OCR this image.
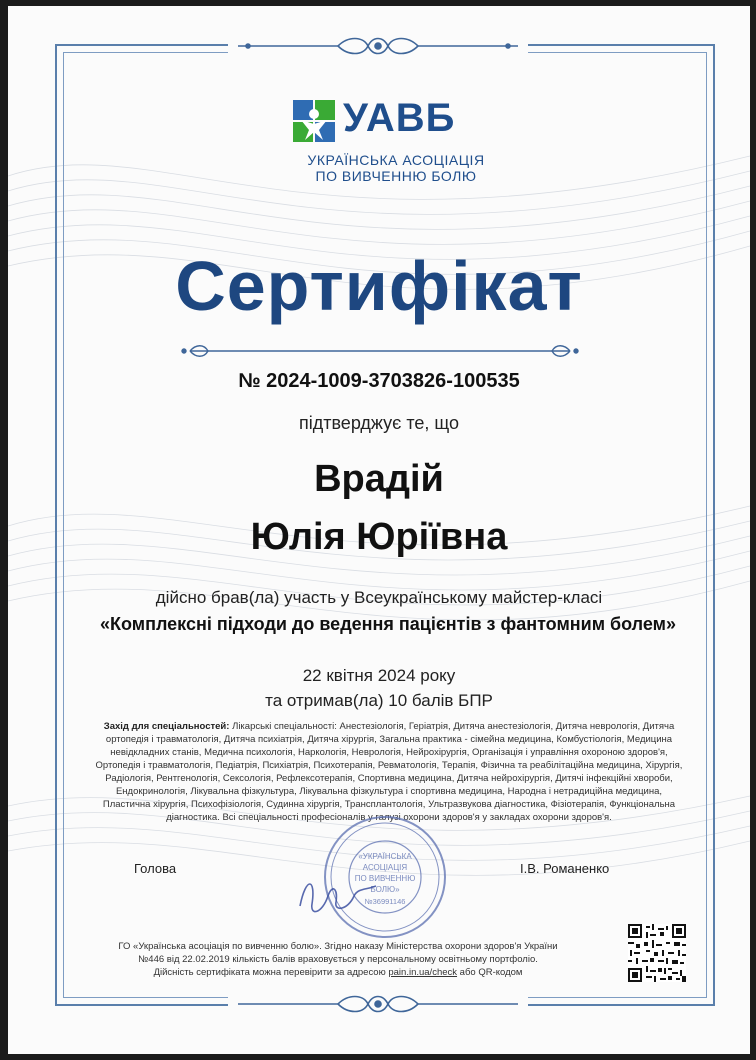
УАВБ
УКРАЇНСЬКА АСОЦІАЦІЯ
ПО ВИВЧЕННЮ БОЛЮ
Сертифікат
№ 2024-1009-3703826-100535
підтверджує те, що
Врадій
Юлія Юріївна
дійсно брав(ла) участь у Всеукраїнському майстер-класі
«Комплексні підходи до ведення пацієнтів з фантомним болем»
22 квітня 2024 року
та отримав(ла) 10 балів БПР
Захід для спеціальностей: Лікарські спеціальності: Анестезіологія, Геріатрія, Дитяча анестезіологія, Дитяча неврологія, Дитяча ортопедія і травматологія, Дитяча психіатрія, Дитяча хірургія, Загальна практика - сімейна медицина, Комбустіологія, Медицина невідкладних станів, Медична психологія, Наркологія, Неврологія, Нейрохірургія, Організація і управління охороною здоров'я, Ортопедія і травматологія, Педіатрія, Психіатрія, Психотерапія, Ревматологія, Терапія, Фізична та реабілітаційна медицина, Хірургія, Радіологія, Рентгенологія, Сексологія, Рефлексотерапія, Спортивна медицина, Дитяча нейрохірургія, Дитячі інфекційні хвороби, Ендокринологія, Лікувальна фізкультура, Лікувальна фізкультура і спортивна медицина, Народна і нетрадиційна медицина, Пластична хірургія, Психофізіологія, Судинна хірургія, Трансплантологія, Ультразвукова діагностика, Фізіотерапія, Функціональна діагностика. Всі спеціальності професіоналів у галузі охорони здоров'я у закладах охорони здоров'я.
Голова	І.В. Романенко
«УКРАЇНСЬКА
АСОЦІАЦІЯ
ПО ВИВЧЕННЮ
БОЛЮ»
№36991146
ГО «Українська асоціація по вивченню болю». Згідно наказу Міністерства охорони здоров'я України
№446 від 22.02.2019 кількість балів враховується у персональному освітньому портфоліо.
Дійсність сертифіката можна перевірити за адресою pain.in.ua/check або QR-кодом
